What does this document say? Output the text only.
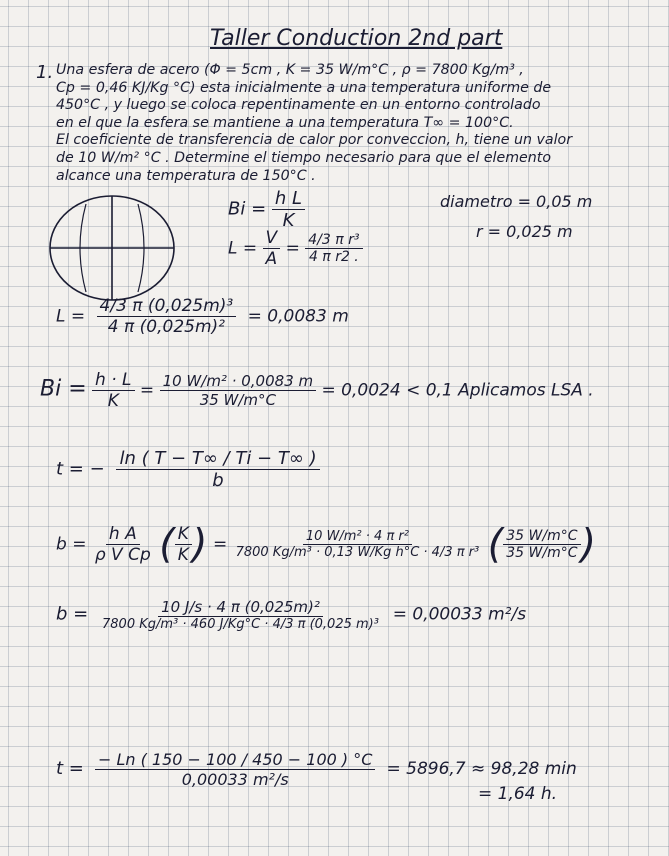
Taller Conduction 2nd part
1. Una esfera de acero (Φ = 5cm , K = 35 W/m°C , ρ = 7800 Kg/m³ ,
Cp = 0,46 KJ/Kg °C) esta inicialmente a una temperatura uniforme de
450°C , y luego se coloca repentinamente en un entorno controlado
en el que la esfera se mantiene a una temperatura T∞ = 100°C.
El coeficiente de transferencia de calor por conveccion, h, tiene un valor
de 10 W/m² °C . Determine el tiempo necesario para que el elemento
alcance una temperatura de 150°C .
$Bi = \frac{\text{h L}}{K}$	diametro = 0,05 m
r = 0,025 m
$L = \frac{V}{A} = \frac{\text{4/3 π r³}}{\text{4 π r2 .}}$
$L = \frac{\text{4/3 π (0,025m)³}}{\text{4 π (0,025m)²}} = 0,0083$ m
$Bi = \frac{h \cdot L}{K} = \frac{\text{10 W/m² · 0,0083 m}}{35 W/m^\circ C} = 0,0024 < 0,1$ Aplicamos LSA .
t = − $\frac{\ln ( T - T\infty / Ti - T\infty )}{b}$
$b = \frac{\text{h A}}{\text{ρ V Cp}}$ ( $\frac{K}{K}$ ) = $\frac{\text{10 W/m² · 4 π r²}}{\text{7800 Kg/m³ · 0,13 W/Kg h°C · 4/3 π r³}}$ ( $\frac{35 W/m^\circ C}{35 W/m^\circ C}$ )
$b = \frac{\text{10 J/s · 4 π (0,025m)²}}{\text{7800 Kg/m³ · 460 J/Kg°C · 4/3 π (0,025 m)³}} = 0,00033$ m²/s
$t = \frac{- Ln ( 150 - 100 / 450 - 100 ) ^\circ C}{\text{0,00033 m²/s}} = 5896,7 \approx 98,28$ min
= 1,64 h.
